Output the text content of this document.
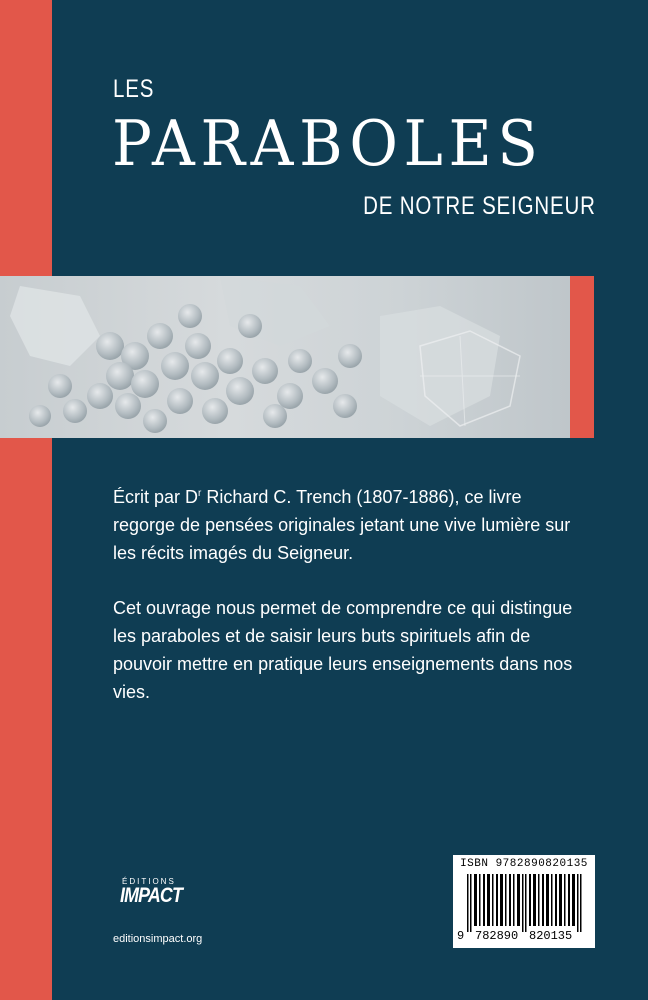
LES
PARABOLES
DE NOTRE SEIGNEUR

Écrit par $D^r$ Richard C. Trench (1807-1886), ce livre regorge de pensées originales jetant une vive lumière sur les récits imagés du Seigneur.

Cet ouvrage nous permet de comprendre ce qui distingue les paraboles et de saisir leurs buts spirituels afin de pouvoir mettre en pratique leurs enseignements dans nos vies.

ÉDITIONS
IMPACT
editionsimpact.org
ISBN 9782890820135
9 782890 820135
